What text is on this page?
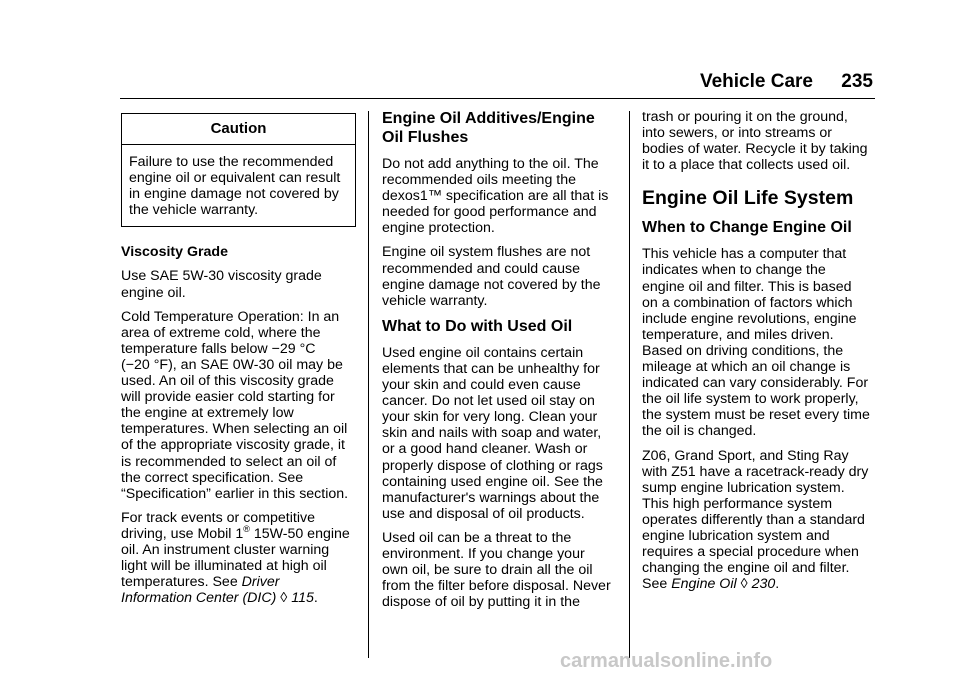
Vehicle Care 235
Caution
Failure to use the recommended
engine oil or equivalent can result
in engine damage not covered by
the vehicle warranty.
Viscosity Grade

Use SAE 5W-30 viscosity grade
engine oil.

Cold Temperature Operation: In an
area of extreme cold, where the
temperature falls below −29 °C
(−20 °F), an SAE 0W-30 oil may be
used. An oil of this viscosity grade
will provide easier cold starting for
the engine at extremely low
temperatures. When selecting an oil
of the appropriate viscosity grade, it
is recommended to select an oil of
the correct specification. See
“Specification” earlier in this section.

For track events or competitive
driving, use Mobil 1® 15W-50 engine
oil. An instrument cluster warning
light will be illuminated at high oil
temperatures. See Driver
Information Center (DIC) ◊ 115.

Engine Oil Additives/Engine
Oil Flushes

Do not add anything to the oil. The
recommended oils meeting the
dexos1™ specification are all that is
needed for good performance and
engine protection.

Engine oil system flushes are not
recommended and could cause
engine damage not covered by the
vehicle warranty.

What to Do with Used Oil

Used engine oil contains certain
elements that can be unhealthy for
your skin and could even cause
cancer. Do not let used oil stay on
your skin for very long. Clean your
skin and nails with soap and water,
or a good hand cleaner. Wash or
properly dispose of clothing or rags
containing used engine oil. See the
manufacturer's warnings about the
use and disposal of oil products.

Used oil can be a threat to the
environment. If you change your
own oil, be sure to drain all the oil
from the filter before disposal. Never
dispose of oil by putting it in the

trash or pouring it on the ground,
into sewers, or into streams or
bodies of water. Recycle it by taking
it to a place that collects used oil.

Engine Oil Life System
When to Change Engine Oil

This vehicle has a computer that
indicates when to change the
engine oil and filter. This is based
on a combination of factors which
include engine revolutions, engine
temperature, and miles driven.
Based on driving conditions, the
mileage at which an oil change is
indicated can vary considerably. For
the oil life system to work properly,
the system must be reset every time
the oil is changed.

Z06, Grand Sport, and Sting Ray
with Z51 have a racetrack-ready dry
sump engine lubrication system.
This high performance system
operates differently than a standard
engine lubrication system and
requires a special procedure when
changing the engine oil and filter.
See Engine Oil ◊ 230.

carmanualsonline.info
